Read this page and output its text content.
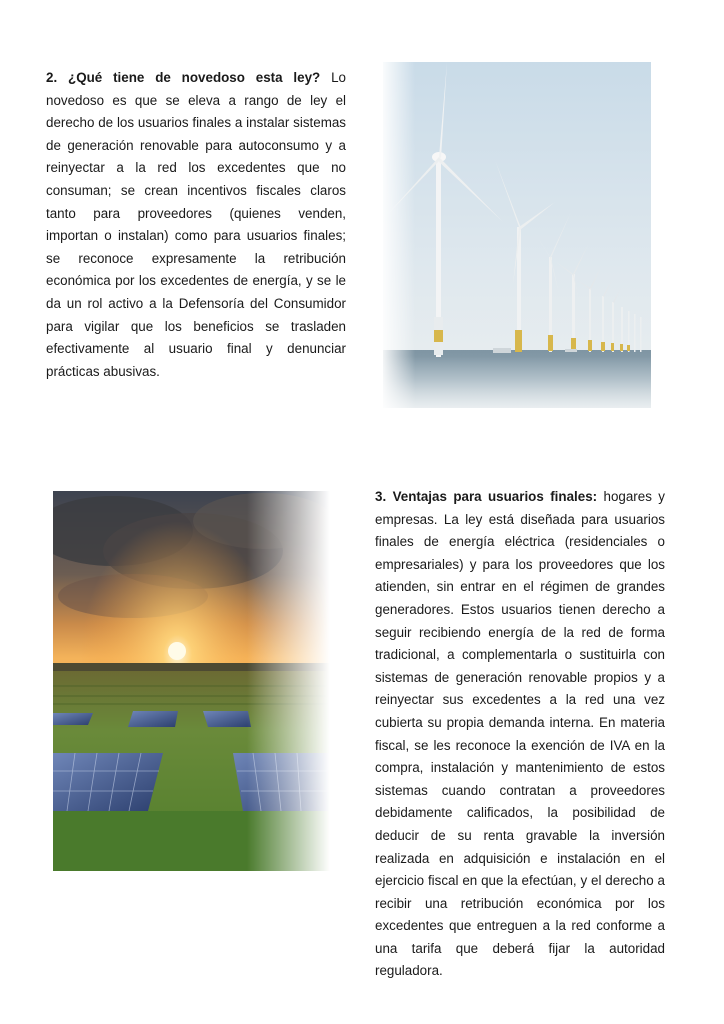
2. ¿Qué tiene de novedoso esta ley? Lo novedoso es que se eleva a rango de ley el derecho de los usuarios finales a instalar sistemas de generación renovable para autoconsumo y a reinyectar a la red los excedentes que no consuman; se crean incentivos fiscales claros tanto para proveedores (quienes venden, importan o instalan) como para usuarios finales; se reconoce expresamente la retribución económica por los excedentes de energía, y se le da un rol activo a la Defensoría del Consumidor para vigilar que los beneficios se trasladen efectivamente al usuario final y denunciar prácticas abusivas.

3. Ventajas para usuarios finales: hogares y empresas. La ley está diseñada para usuarios finales de energía eléctrica (residenciales o empresariales) y para los proveedores que los atienden, sin entrar en el régimen de grandes generadores. Estos usuarios tienen derecho a seguir recibiendo energía de la red de forma tradicional, a complementarla o sustituirla con sistemas de generación renovable propios y a reinyectar sus excedentes a la red una vez cubierta su propia demanda interna. En materia fiscal, se les reconoce la exención de IVA en la compra, instalación y mantenimiento de estos sistemas cuando contratan a proveedores debidamente calificados, la posibilidad de deducir de su renta gravable la inversión realizada en adquisición e instalación en el ejercicio fiscal en que la efectúan, y el derecho a recibir una retribución económica por los excedentes que entreguen a la red conforme a una tarifa que deberá fijar la autoridad reguladora.
